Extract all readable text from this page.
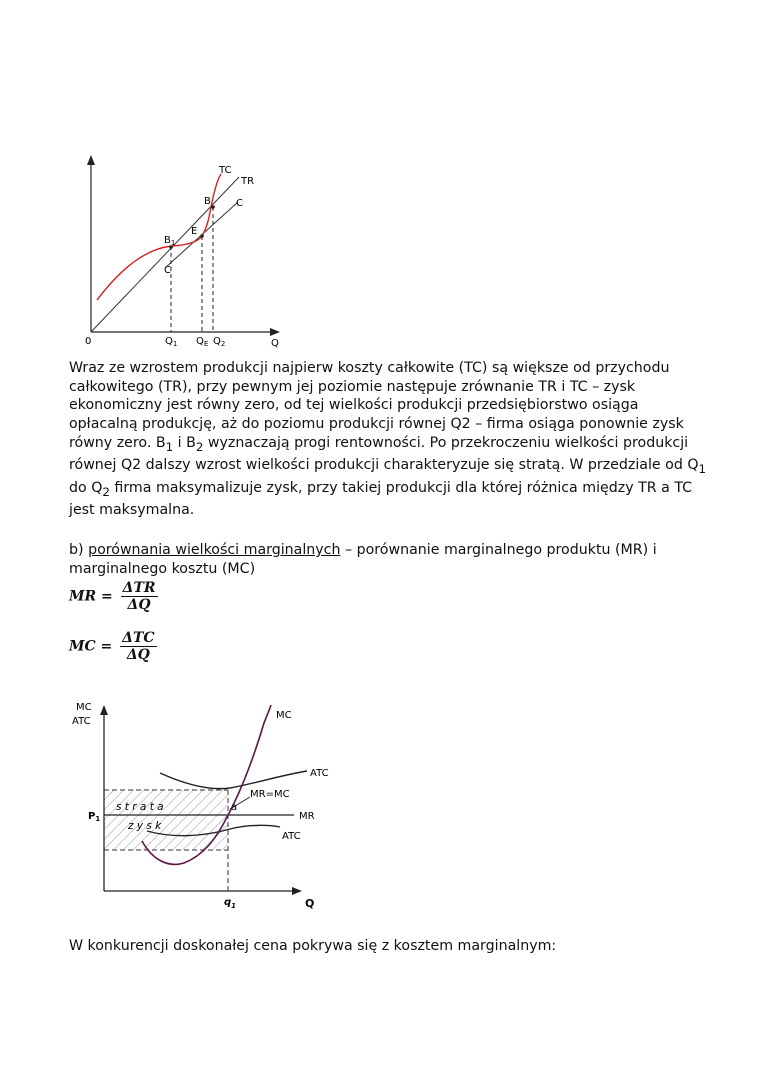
TC
TR
B	C
E
$B_1$
C
0	$Q_1$ $Q_E$ $Q_2$	Q
Wraz ze wzrostem produkcji najpierw koszty całkowite (TC) są większe od przychodu całkowitego (TR), przy pewnym jej poziomie następuje zrównanie TR i TC – zysk ekonomiczny jest równy zero, od tej wielkości produkcji przedsiębiorstwo osiąga opłacalną produkcję, aż do poziomu produkcji równej Q2 – firma osiąga ponownie zysk równy zero. $B_1$ i $B_2$ wyznaczają progi rentowności. Po przekroczeniu wielkości produkcji równej Q2 dalszy wzrost wielkości produkcji charakteryzuje się stratą. W przedziale od $Q_1$ do $Q_2$ firma maksymalizuje zysk, przy takiej produkcji dla której różnica między TR a TC jest maksymalna.
b) porównania wielkości marginalnych – porównanie marginalnego produktu (MR) i marginalnego kosztu (MC)
MR = $\frac{\text{ΔTR}}{\Delta Q}$
MC = $\frac{\text{ΔTC}}{\Delta Q}$
MC
ATC
MC
ATC
MR=MC
s t r a t a	a
$P_1$	MR
z y s k
ATC
$q_1$	Q
W konkurencji doskonałej cena pokrywa się z kosztem marginalnym:
